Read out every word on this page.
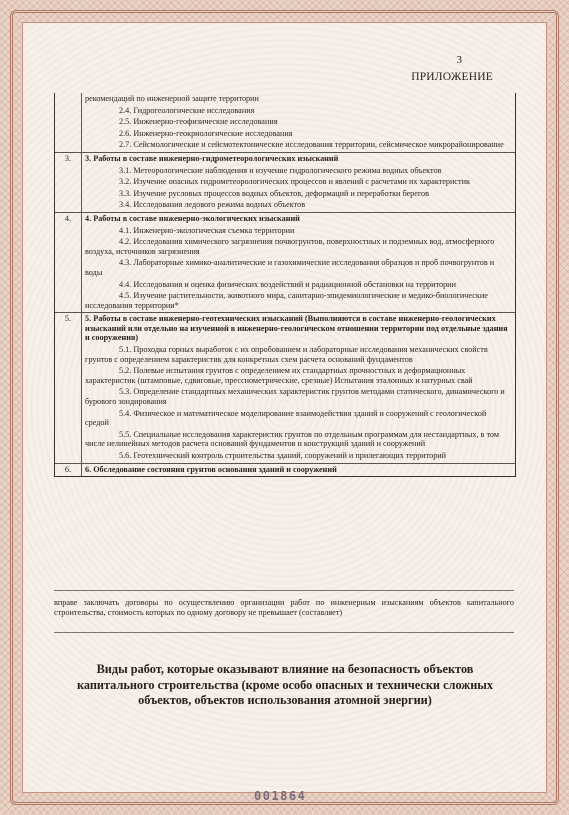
3
ПРИЛОЖЕНИЕ
рекомендаций по инженерной защите территории
2.4. Гидрогеологические исследования
2.5. Инженерно-геофизические исследования
2.6. Инженерно-геокриологические исследования
2.7. Сейсмологические и сейсмотектонические исследования территории, сейсмическое микрорайонирование
3.	3. Работы в составе инженерно-гидрометеорологических изысканий
3.1. Метеорологические наблюдения и изучение гидрологического режима водных объектов
3.2. Изучение опасных гидрометеорологических процессов и явлений с расчетами их характеристик
3.3. Изучение русловых процессов водных объектов, деформаций и переработки берегов
3.4. Исследования ледового режима водных объектов
4.	4. Работы в составе инженерно-экологических изысканий
4.1. Инженерно-экологическая съемка территории
4.2. Исследования химического загрязнения почвогрунтов, поверхностных и подземных вод, атмосферного воздуха, источников загрязнения
4.3. Лабораторные химико-аналитические и газохимические исследования образцов и проб почвогрунтов и воды
4.4. Исследования и оценка физических воздействий и радиационной обстановки на территории
4.5. Изучение растительности, животного мира, санитарно-эпидемиологические и медико-биологические исследования территории*
5.	5. Работы в составе инженерно-геотехнических изысканий (Выполняются в составе инженерно-геологических изысканий или отдельно на изученной в инженерно-геологическом отношении территории под отдельные здания и сооружения)
5.1. Проходка горных выработок с их опробованием и лабораторные исследования механических свойств грунтов с определением характеристик для конкретных схем расчета оснований фундаментов
5.2. Полевые испытания грунтов с определением их стандартных прочностных и деформационных характеристик (штамповые, сдвиговые, прессиометрические, срезные) Испытания эталонных и натурных свай
5.3. Определение стандартных механических характеристик грунтов методами статического, динамического и бурового зондирования
5.4. Физическое и математическое моделирование взаимодействия зданий и сооружений с геологической средой
5.5. Специальные исследования характеристик грунтов по отдельным программам для нестандартных, в том числе нелинейных методов расчета оснований фундаментов и конструкций зданий и сооружений
5.6. Геотехнический контроль строительства зданий, сооружений и прилегающих территорий
6.	6. Обследование состояния грунтов основания зданий и сооружений
вправе заключать договоры по осуществлению организации работ по инженерным изысканиям объектов капитального строительства, стоимость которых по одному договору не превышает (составляет)
Виды работ, которые оказывают влияние на безопасность объектов капитального строительства (кроме особо опасных и технически сложных объектов, объектов использования атомной энергии)
001864
